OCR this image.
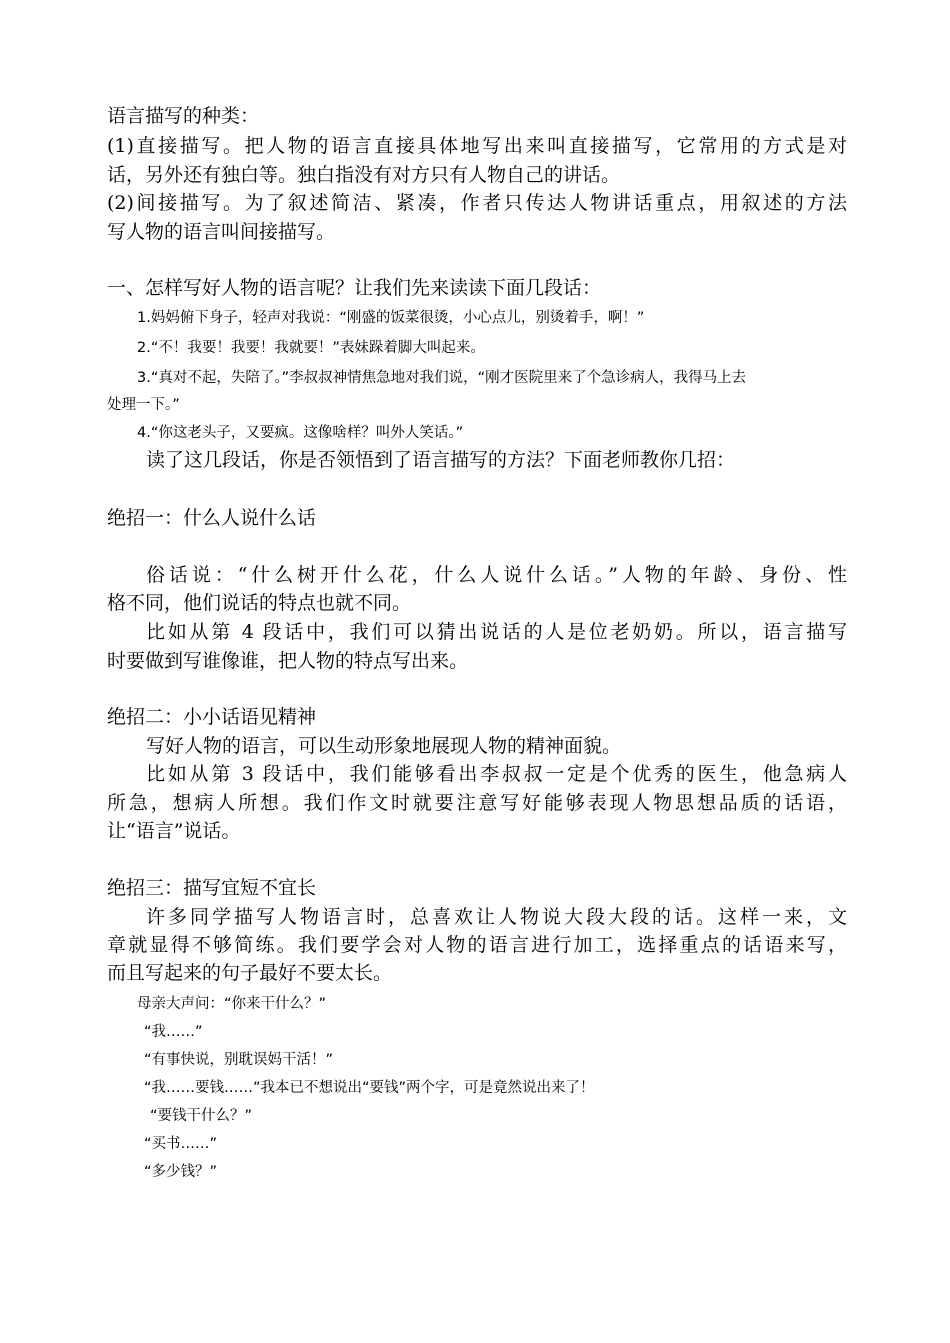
语言描写的种类：
(1)直接描写。把人物的语言直接具体地写出来叫直接描写，它常用的方式是对
话，另外还有独白等。独白指没有对方只有人物自己的讲话。
(2)间接描写。为了叙述简洁、紧凑，作者只传达人物讲话重点，用叙述的方法
写人物的语言叫间接描写。
一、怎样写好人物的语言呢？让我们先来读读下面几段话：
1.妈妈俯下身子，轻声对我说：“刚盛的饭菜很烫，小心点儿，别烫着手，啊！”
2.“不！我要！我要！我就要！”表妹跺着脚大叫起来。
3.“真对不起，失陪了。”李叔叔神情焦急地对我们说，“刚才医院里来了个急诊病人，我得马上去
处理一下。”
4.“你这老头子，又要疯。这像啥样？叫外人笑话。”
读了这几段话，你是否领悟到了语言描写的方法？下面老师教你几招：
绝招一：什么人说什么话
俗话说：“什么树开什么花，什么人说什么话。”人物的年龄、身份、性
格不同，他们说话的特点也就不同。
比如从第 4 段话中，我们可以猜出说话的人是位老奶奶。所以，语言描写
时要做到写谁像谁，把人物的特点写出来。
绝招二：小小话语见精神
写好人物的语言，可以生动形象地展现人物的精神面貌。
比如从第 3 段话中，我们能够看出李叔叔一定是个优秀的医生，他急病人
所急，想病人所想。我们作文时就要注意写好能够表现人物思想品质的话语，
让“语言”说话。
绝招三：描写宜短不宜长
许多同学描写人物语言时，总喜欢让人物说大段大段的话。这样一来，文
章就显得不够简练。我们要学会对人物的语言进行加工，选择重点的话语来写，
而且写起来的句子最好不要太长。
母亲大声问：“你来干什么？”
“我……”
“有事快说，别耽误妈干活！”
“我……要钱……”我本已不想说出“要钱”两个字，可是竟然说出来了！
“要钱干什么？”
“买书……”
“多少钱？”
